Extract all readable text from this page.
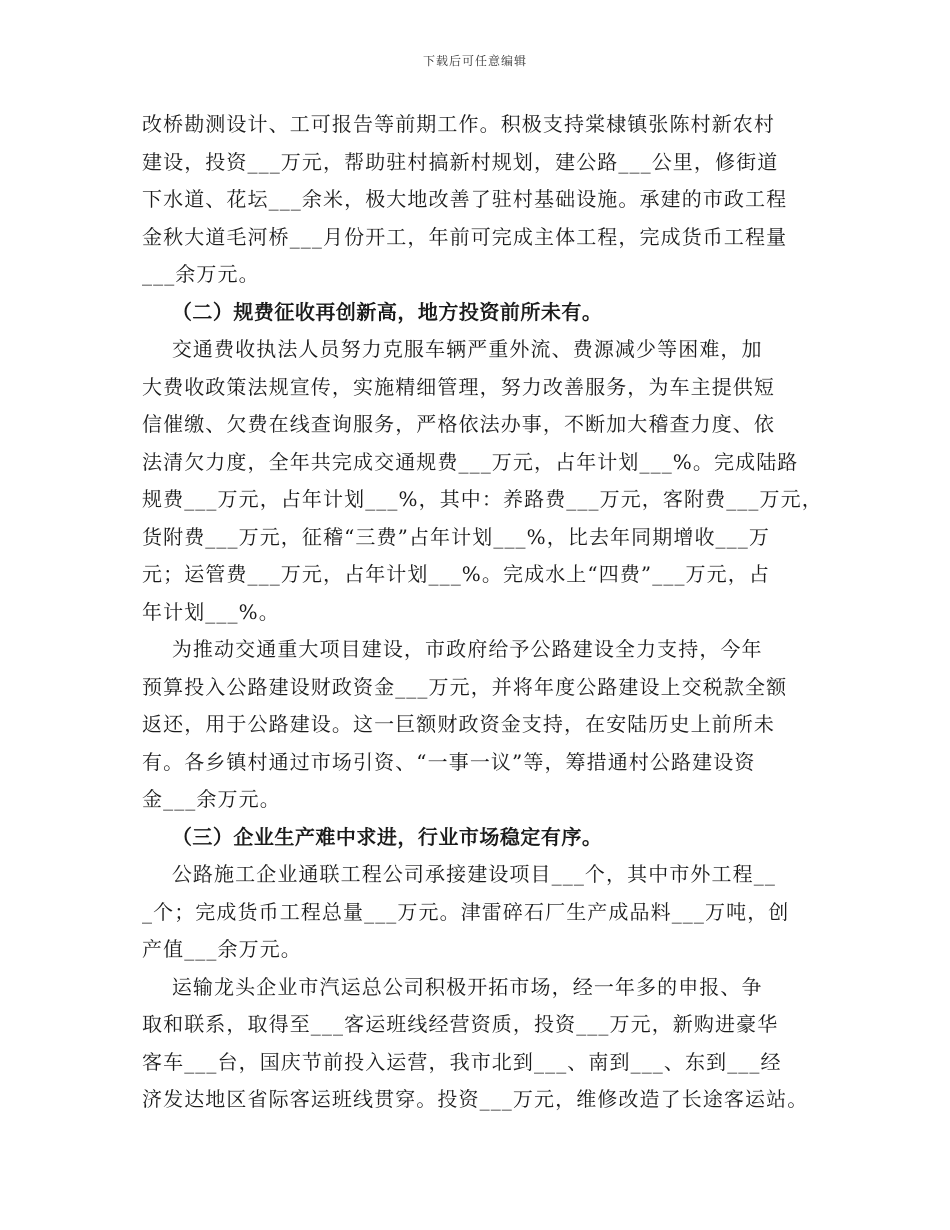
下载后可任意编辑
改桥勘测设计、工可报告等前期工作。积极支持棠棣镇张陈村新农村
建设，投资___万元，帮助驻村搞新村规划，建公路___公里，修街道
下水道、花坛___余米，极大地改善了驻村基础设施。承建的市政工程
金秋大道毛河桥___月份开工，年前可完成主体工程，完成货币工程量
___余万元。
（二）规费征收再创新高，地方投资前所未有。
交通费收执法人员努力克服车辆严重外流、费源减少等困难，加
大费收政策法规宣传，实施精细管理，努力改善服务，为车主提供短
信催缴、欠费在线查询服务，严格依法办事，不断加大稽查力度、依
法清欠力度，全年共完成交通规费___万元，占年计划___%。完成陆路
规费___万元，占年计划___%，其中：养路费___万元，客附费___万元，
货附费___万元，征稽“三费”占年计划___%，比去年同期增收___万
元；运管费___万元，占年计划___%。完成水上“四费”___万元，占
年计划___%。
为推动交通重大项目建设，市政府给予公路建设全力支持，今年
预算投入公路建设财政资金___万元，并将年度公路建设上交税款全额
返还，用于公路建设。这一巨额财政资金支持，在安陆历史上前所未
有。各乡镇村通过市场引资、“一事一议”等，筹措通村公路建设资
金___余万元。
（三）企业生产难中求进，行业市场稳定有序。
公路施工企业通联工程公司承接建设项目___个，其中市外工程__
_个；完成货币工程总量___万元。津雷碎石厂生产成品料___万吨，创
产值___余万元。
运输龙头企业市汽运总公司积极开拓市场，经一年多的申报、争
取和联系，取得至___客运班线经营资质，投资___万元，新购进豪华
客车___台，国庆节前投入运营，我市北到___、南到___、东到___经
济发达地区省际客运班线贯穿。投资___万元，维修改造了长途客运站。
